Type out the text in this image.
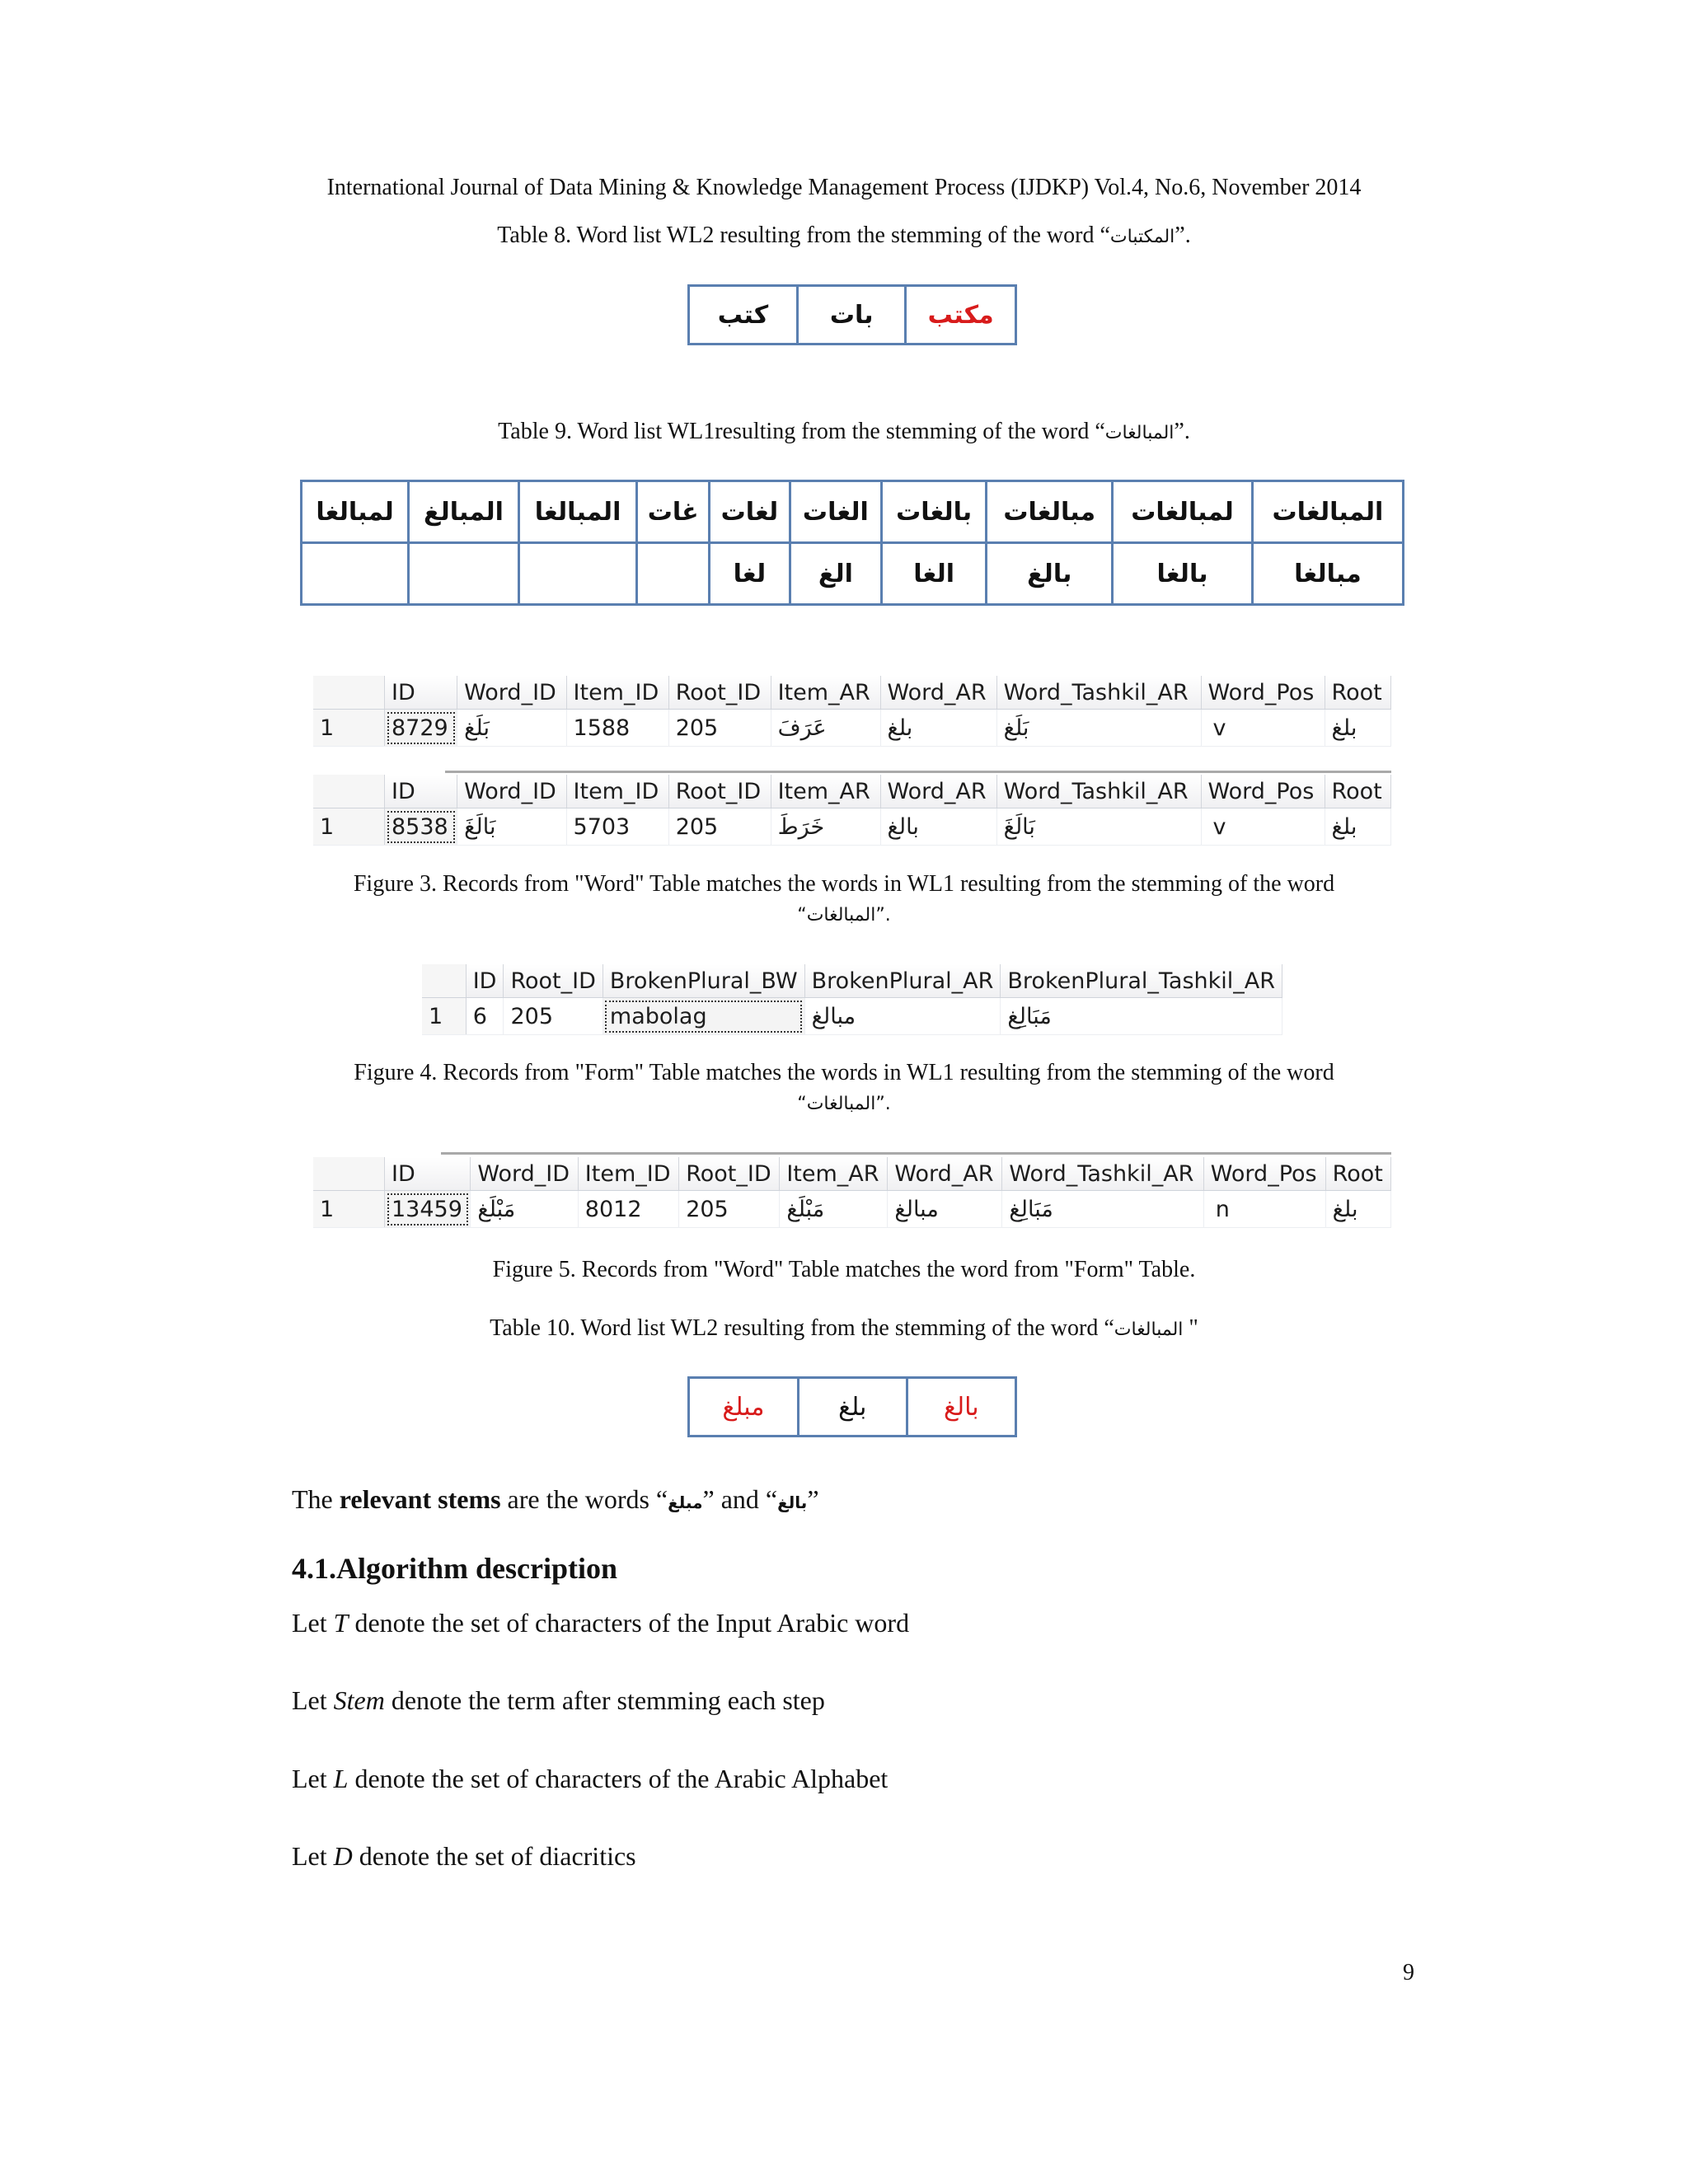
International Journal of Data Mining & Knowledge Management Process (IJDKP) Vol.4, No.6, November 2014
Table 8. Word list WL2 resulting from the stemming of the word “المكتبات”.
كتب	بات	مكتب
Table 9. Word list WL1resulting from the stemming of the word “المبالغات”.
لمبالغا	المبالغ	المبالغا	غات	لغات	الغات	بالغات	مبالغات	لمبالغات	المبالغات
				لغا	الغ	الغا	بالغ	بالغا	مبالغا
	ID	Word_ID	Item_ID	Root_ID	Item_AR	Word_AR	Word_Tashkil_AR	Word_Pos	Root
1	8729	بَلَغ	1588	205	عَرَفَ	بلغ	بَلَغ	v	بلغ
	ID	Word_ID	Item_ID	Root_ID	Item_AR	Word_AR	Word_Tashkil_AR	Word_Pos	Root
1	8538	بَالَغَ	5703	205	خَرَطَ	بالغ	بَالَغَ	v	بلغ
Figure 3. Records from "Word" Table matches the words in WL1 resulting from the stemming of the word
“المبالغات”.
	ID	Root_ID	BrokenPlural_BW	BrokenPlural_AR	BrokenPlural_Tashkil_AR
1	6	205	mabolag	مبالغ	مَبَالِغ
Figure 4. Records from "Form" Table matches the words in WL1 resulting from the stemming of the word
“المبالغات”.
	ID	Word_ID	Item_ID	Root_ID	Item_AR	Word_AR	Word_Tashkil_AR	Word_Pos	Root
1	13459	مَبْلَغ	8012	205	مَبْلَغ	مبالغ	مَبَالِغ	n	بلغ
Figure 5. Records from "Word" Table matches the word from "Form" Table.
Table 10. Word list WL2 resulting from the stemming of the word “المبالغات "
مبلغ	بلغ	بالغ
The relevant stems are the words “مبلغ” and “بالغ”
4.1.Algorithm description
Let T denote the set of characters of the Input Arabic word
Let Stem denote the term after stemming each step
Let L denote the set of characters of the Arabic Alphabet
Let D denote the set of diacritics
9
